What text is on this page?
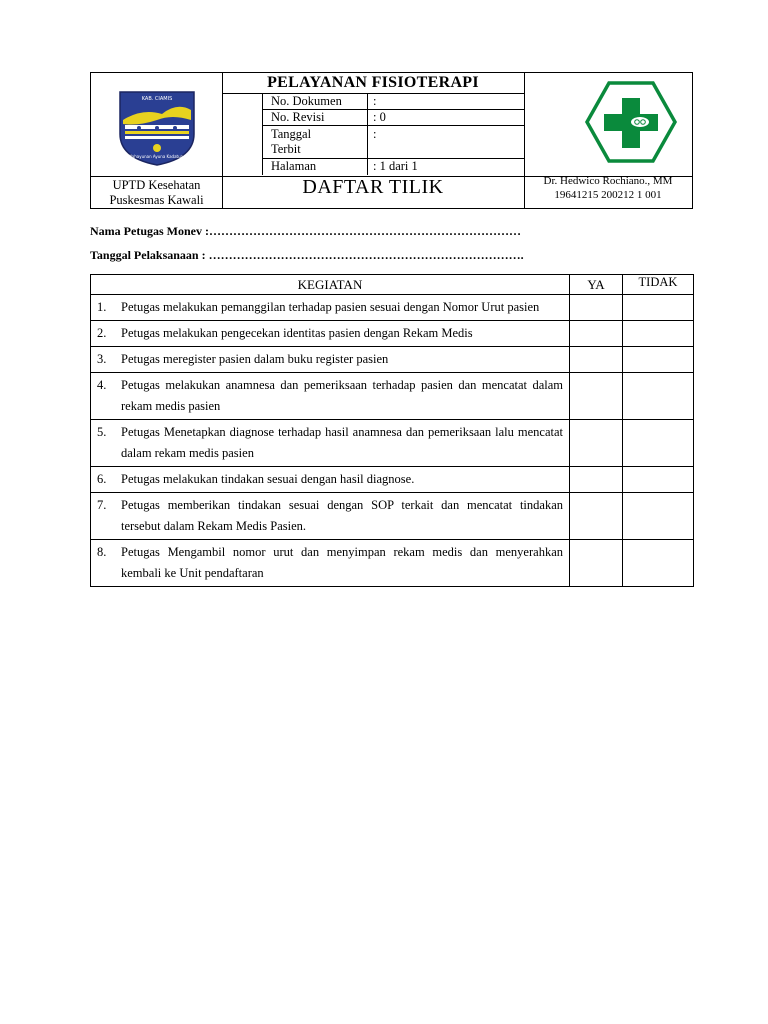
KAB. CIAMIS
Mahayunan Ayuna Kadatuan
PELAYANAN FISIOTERAPI
No. Dokumen :
No. Revisi	: 0
Tanggal
Terbit
:
Halaman	: 1 dari 1
UPTD Kesehatan
Puskesmas Kawali
DAFTAR TILIK	Dr. Hedwico Rochiano., MM
19641215 200212 1 001
Nama Petugas Monev :……………………………………………………………………
Tanggal Pelaksanaan : …………………………………………………………………….
KEGIATAN	YA	TIDAK

1. Petugas melakukan pemanggilan terhadap pasien sesuai dengan Nomor Urut pasien		

2. Petugas melakukan pengecekan identitas pasien dengan Rekam Medis		

3. Petugas meregister pasien dalam buku register pasien		

4. Petugas melakukan anamnesa dan pemeriksaan terhadap pasien dan mencatat dalam rekam medis pasien		

5. Petugas Menetapkan diagnose terhadap hasil anamnesa dan pemeriksaan lalu mencatat dalam rekam medis pasien		

6. Petugas melakukan tindakan sesuai dengan hasil diagnose.		

7. Petugas memberikan tindakan sesuai dengan SOP terkait dan mencatat tindakan tersebut dalam Rekam Medis Pasien.		

8. Petugas Mengambil nomor urut dan menyimpan rekam medis dan menyerahkan kembali ke Unit pendaftaran		
